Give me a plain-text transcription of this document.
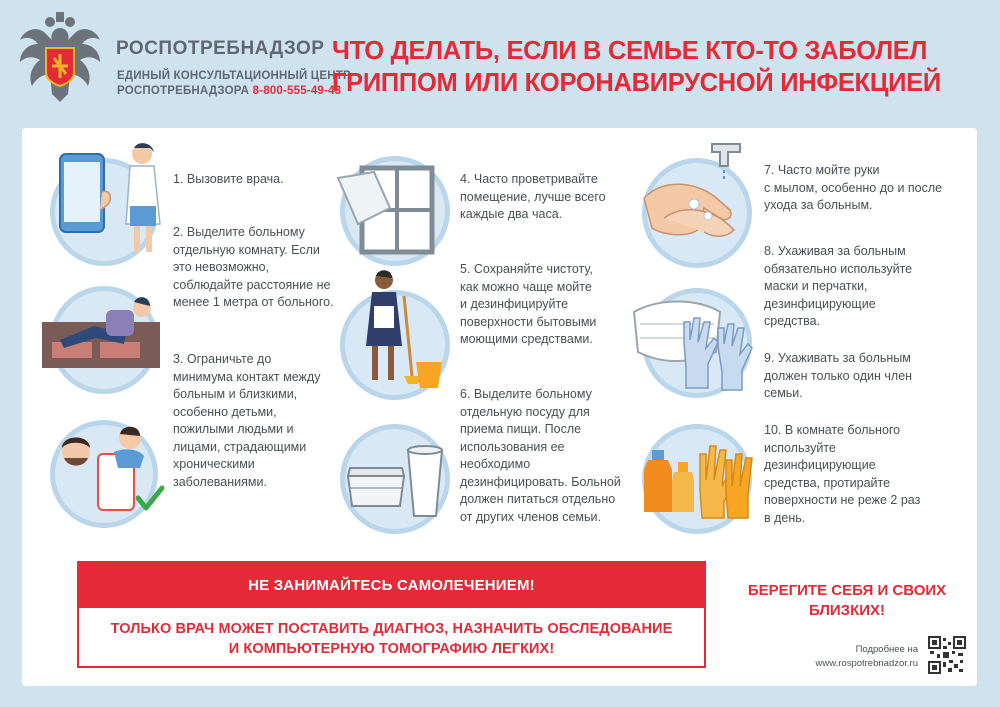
РОСПОТРЕБНАДЗОР
ЕДИНЫЙ КОНСУЛЬТАЦИОННЫЙ ЦЕНТР
РОСПОТРЕБНАДЗОРА 8-800-555-49-43
ЧТО ДЕЛАТЬ, ЕСЛИ В СЕМЬЕ КТО-ТО ЗАБОЛЕЛ
ГРИППОМ ИЛИ КОРОНАВИРУСНОЙ ИНФЕКЦИЕЙ
1. Вызовите врача.
2. Выделите больному
отдельную комнату. Если
это невозможно,
соблюдайте расстояние не
менее 1 метра от больного.
3. Ограничьте до
минимума контакт между
больным и близкими,
особенно детьми,
пожилыми людьми и
лицами, страдающими
хроническими
заболеваниями.
4. Часто проветривайте
помещение, лучше всего
каждые два часа.
5. Сохраняйте чистоту,
как можно чаще мойте
и дезинфицируйте
поверхности бытовыми
моющими средствами.
6. Выделите больному
отдельную посуду для
приема пищи. После
использования ее
необходимо
дезинфицировать. Больной
должен питаться отдельно
от других членов семьи.
7. Часто мойте руки
с мылом, особенно до и после
ухода за больным.
8. Ухаживая за больным
обязательно используйте
маски и перчатки,
дезинфицирующие
средства.
9. Ухаживать за больным
должен только один член
семьи.
10. В комнате больного
используйте
дезинфицирующие
средства, протирайте
поверхности не реже 2 раз
в день.
НЕ ЗАНИМАЙТЕСЬ САМОЛЕЧЕНИЕМ!
ТОЛЬКО ВРАЧ МОЖЕТ ПОСТАВИТЬ ДИАГНОЗ, НАЗНАЧИТЬ ОБСЛЕДОВАНИЕ
И КОМПЬЮТЕРНУЮ ТОМОГРАФИЮ ЛЕГКИХ!
БЕРЕГИТЕ СЕБЯ И СВОИХ
БЛИЗКИХ!
Подробнее на
www.rospotrebnadzor.ru
